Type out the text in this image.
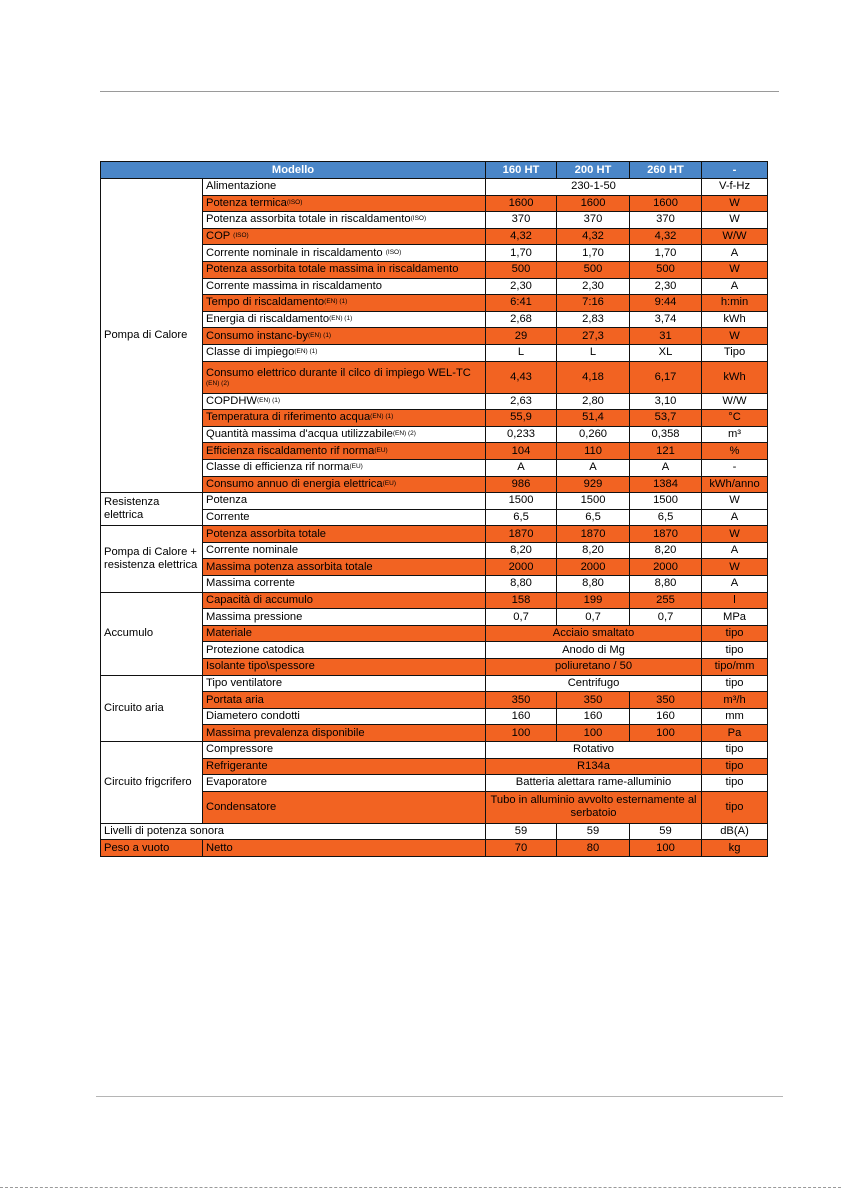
Modello		160 HT	200 HT	260 HT	-
Pompa di Calore	Alimentazione	230-1-50			V-f-Hz
	Potenza termica$^{(ISO)}$	1600	1600	1600	W
	Potenza assorbita totale in riscaldamento$^{(ISO)}$	370	370	370	W
	COP $^{(ISO)}$	4,32	4,32	4,32	W/W
	Corrente nominale in riscaldamento $^{(ISO)}$	1,70	1,70	1,70	A
	Potenza assorbita totale massima in riscaldamento	500	500	500	W
	Corrente massima in riscaldamento	2,30	2,30	2,30	A
	Tempo di riscaldamento$^{(EN) (1)}$	6:41	7:16	9:44	h:min
	Energia di riscaldamento$^{(EN) (1)}$	2,68	2,83	3,74	kWh
	Consumo instanc-$by^{(EN) (1)}$	29	27,3	31	W
	Classe di impiego$^{(EN) (1)}$	L	L	XL	Tipo
	Consumo elettrico durante il cilco di impiego WEL-TC
(EN) (2)	4,43	4,18	6,17	kWh
	$COPDHW^{(EN) (1)}$	2,63	2,80	3,10	W/W
	Temperatura di riferimento acqua$^{(EN) (1)}$	55,9	51,4	53,7	°C
	Quantità massima d'acqua utilizzabile$^{(EN) (2)}$	0,233	0,260	0,358	m³
	Efficienza riscaldamento rif norma$^{(EU)}$	104	110	121	%
	Classe di efficienza rif norma$^{(EU)}$	A	A	A	-
	Consumo annuo di energia elettrica$^{(EU)}$	986	929	1384	kWh/anno
Resistenza elettrica	Potenza	1500	1500	1500	W
	Corrente	6,5	6,5	6,5	A
Pompa di Calore + resistenza elettrica	Potenza assorbita totale	1870	1870	1870	W
	Corrente nominale	8,20	8,20	8,20	A
	Massima potenza assorbita totale	2000	2000	2000	W
	Massima corrente	8,80	8,80	8,80	A
Accumulo	Capacità di accumulo	158	199	255	l
	Massima pressione	0,7	0,7	0,7	MPa
	Materiale	Acciaio smaltato			tipo
	Protezione catodica	Anodo di Mg			tipo
	Isolante tipo\spessore	poliuretano / 50			tipo/mm
Circuito aria	Tipo ventilatore	Centrifugo			tipo
	Portata aria	350	350	350	m³/h
	Diametero condotti	160	160	160	mm
	Massima prevalenza disponibile	100	100	100	Pa
Circuito frigcrifero	Compressore	Rotativo			tipo
	Refrigerante	R134a			tipo
	Evaporatore	Batteria alettara rame-alluminio			tipo
	Condensatore	Tubo in alluminio avvolto esternamente al serbatoio			tipo
Livelli di potenza sonora		59	59	59	dB(A)
Peso a vuoto	Netto	70	80	100	kg
